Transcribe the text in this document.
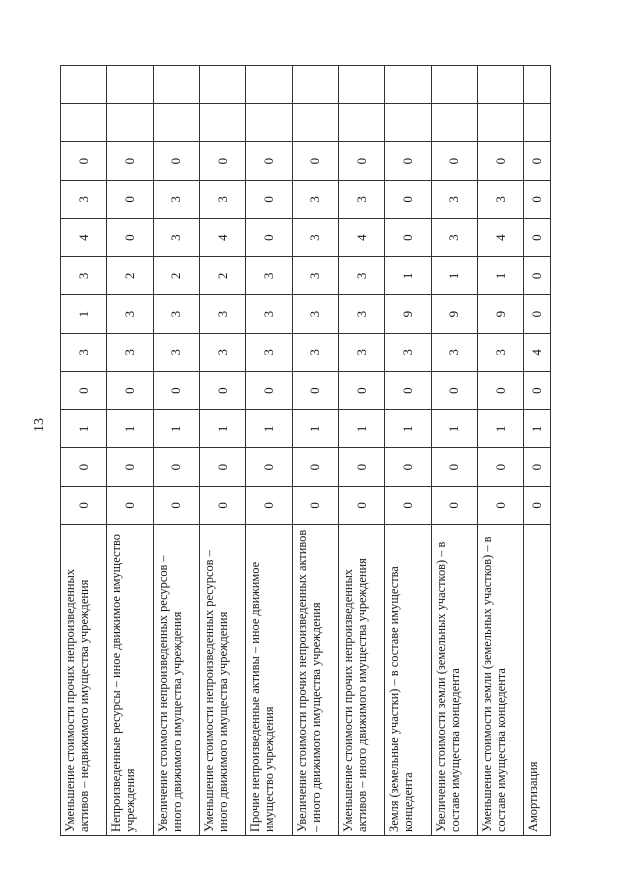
13
Уменьшение стоимости прочих непроизведенных активов – недвижимого имущества учреждения	0	0	1	0	3	1	3	4	3	0		
Непроизведенные ресурсы – иное движимое имущество учреждения	0	0	1	0	3	3	2	0	0	0		
Увеличение стоимости непроизведенных ресурсов – иного движимого имущества учреждения	0	0	1	0	3	3	2	3	3	0		
Уменьшение стоимости непроизведенных ресурсов – иного движимого имущества учреждения	0	0	1	0	3	3	2	4	3	0		
Прочие непроизведенные активы – иное движимое имущество учреждения	0	0	1	0	3	3	3	0	0	0		
Увеличение стоимости прочих непроизведенных активов – иного движимого имущества учреждения	0	0	1	0	3	3	3	3	3	0		
Уменьшение стоимости прочих непроизведенных активов – иного движимого имущества учреждения	0	0	1	0	3	3	3	4	3	0		
Земля (земельные участки) – в составе имущества концедента	0	0	1	0	3	9	1	0	0	0		
Увеличение стоимости земли (земельных участков) – в составе имущества концедента	0	0	1	0	3	9	1	3	3	0		
Уменьшение стоимости земли (земельных участков) – в составе имущества концедента	0	0	1	0	3	9	1	4	3	0		
Амортизация	0	0	1	0	4	0	0	0	0	0		
